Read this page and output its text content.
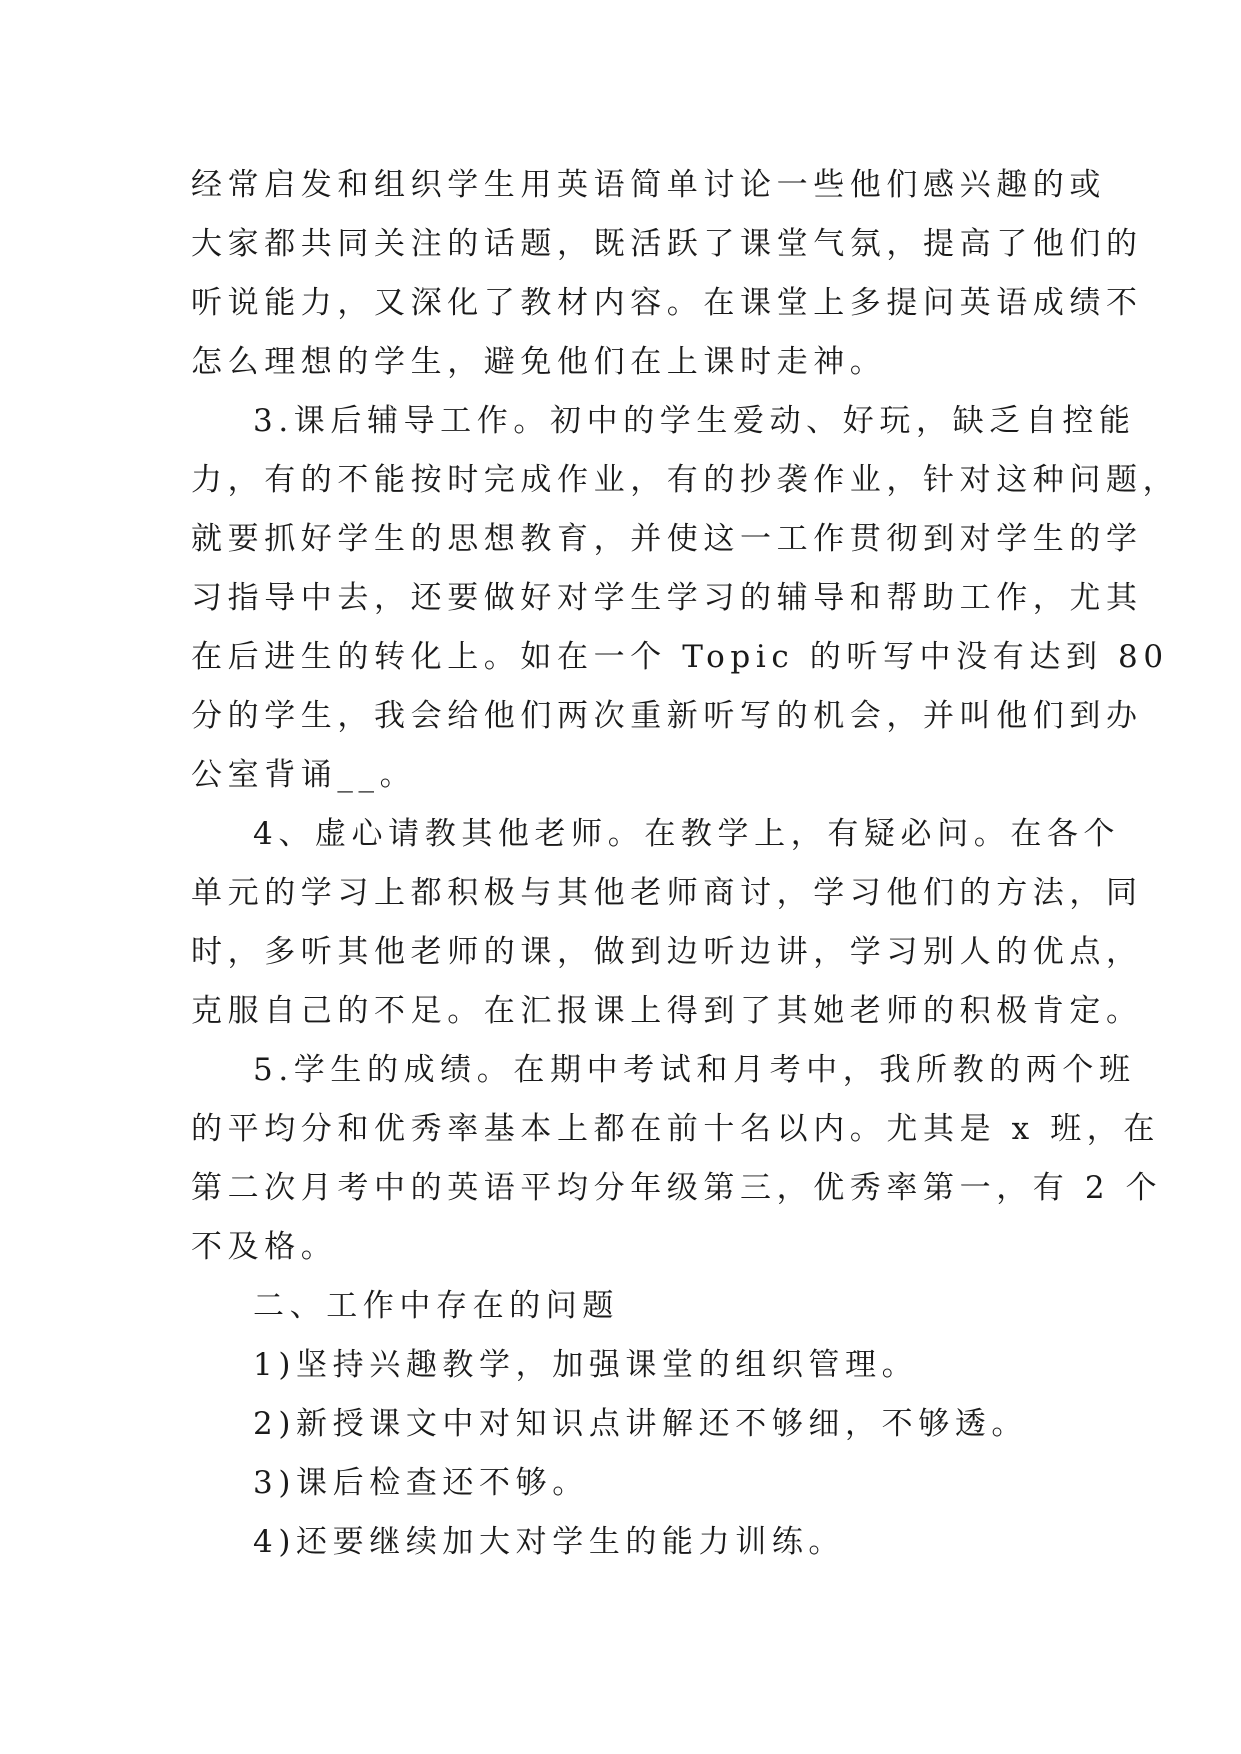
经常启发和组织学生用英语简单讨论一些他们感兴趣的或

大家都共同关注的话题，既活跃了课堂气氛，提高了他们的

听说能力，又深化了教材内容。在课堂上多提问英语成绩不

怎么理想的学生，避免他们在上课时走神。

3.课后辅导工作。初中的学生爱动、好玩，缺乏自控能

力，有的不能按时完成作业，有的抄袭作业，针对这种问题，

就要抓好学生的思想教育，并使这一工作贯彻到对学生的学

习指导中去，还要做好对学生学习的辅导和帮助工作，尤其

在后进生的转化上。如在一个 Topic 的听写中没有达到 80

分的学生，我会给他们两次重新听写的机会，并叫他们到办

公室背诵__。

4、虚心请教其他老师。在教学上，有疑必问。在各个

单元的学习上都积极与其他老师商讨，学习他们的方法，同

时，多听其他老师的课，做到边听边讲，学习别人的优点，

克服自己的不足。在汇报课上得到了其她老师的积极肯定。

5.学生的成绩。在期中考试和月考中，我所教的两个班

的平均分和优秀率基本上都在前十名以内。尤其是 x 班，在

第二次月考中的英语平均分年级第三，优秀率第一，有 2 个

不及格。

二、工作中存在的问题

1)坚持兴趣教学，加强课堂的组织管理。

2)新授课文中对知识点讲解还不够细，不够透。

3)课后检查还不够。

4)还要继续加大对学生的能力训练。
